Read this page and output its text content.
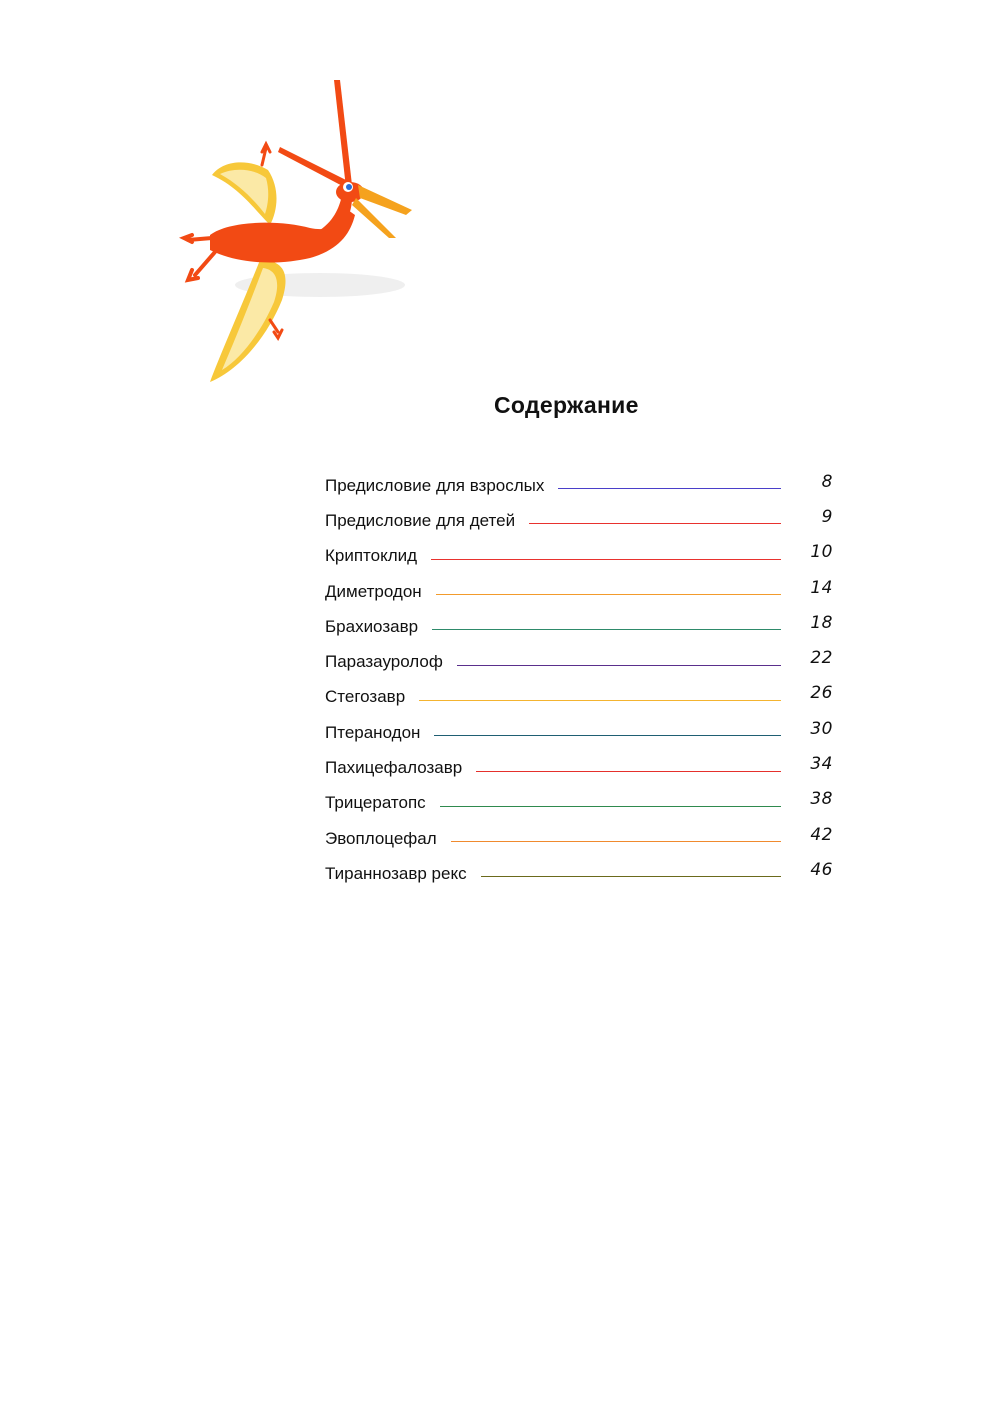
Содержание
Предисловие для взрослых	8
Предисловие для детей	9
Криптоклид	10
Диметродон	14
Брахиозавр	18
Паразауролоф	22
Стегозавр	26
Птеранодон	30
Пахицефалозавр	34
Трицератопс	38
Эвоплоцефал	42
Тираннозавр рекс	46
